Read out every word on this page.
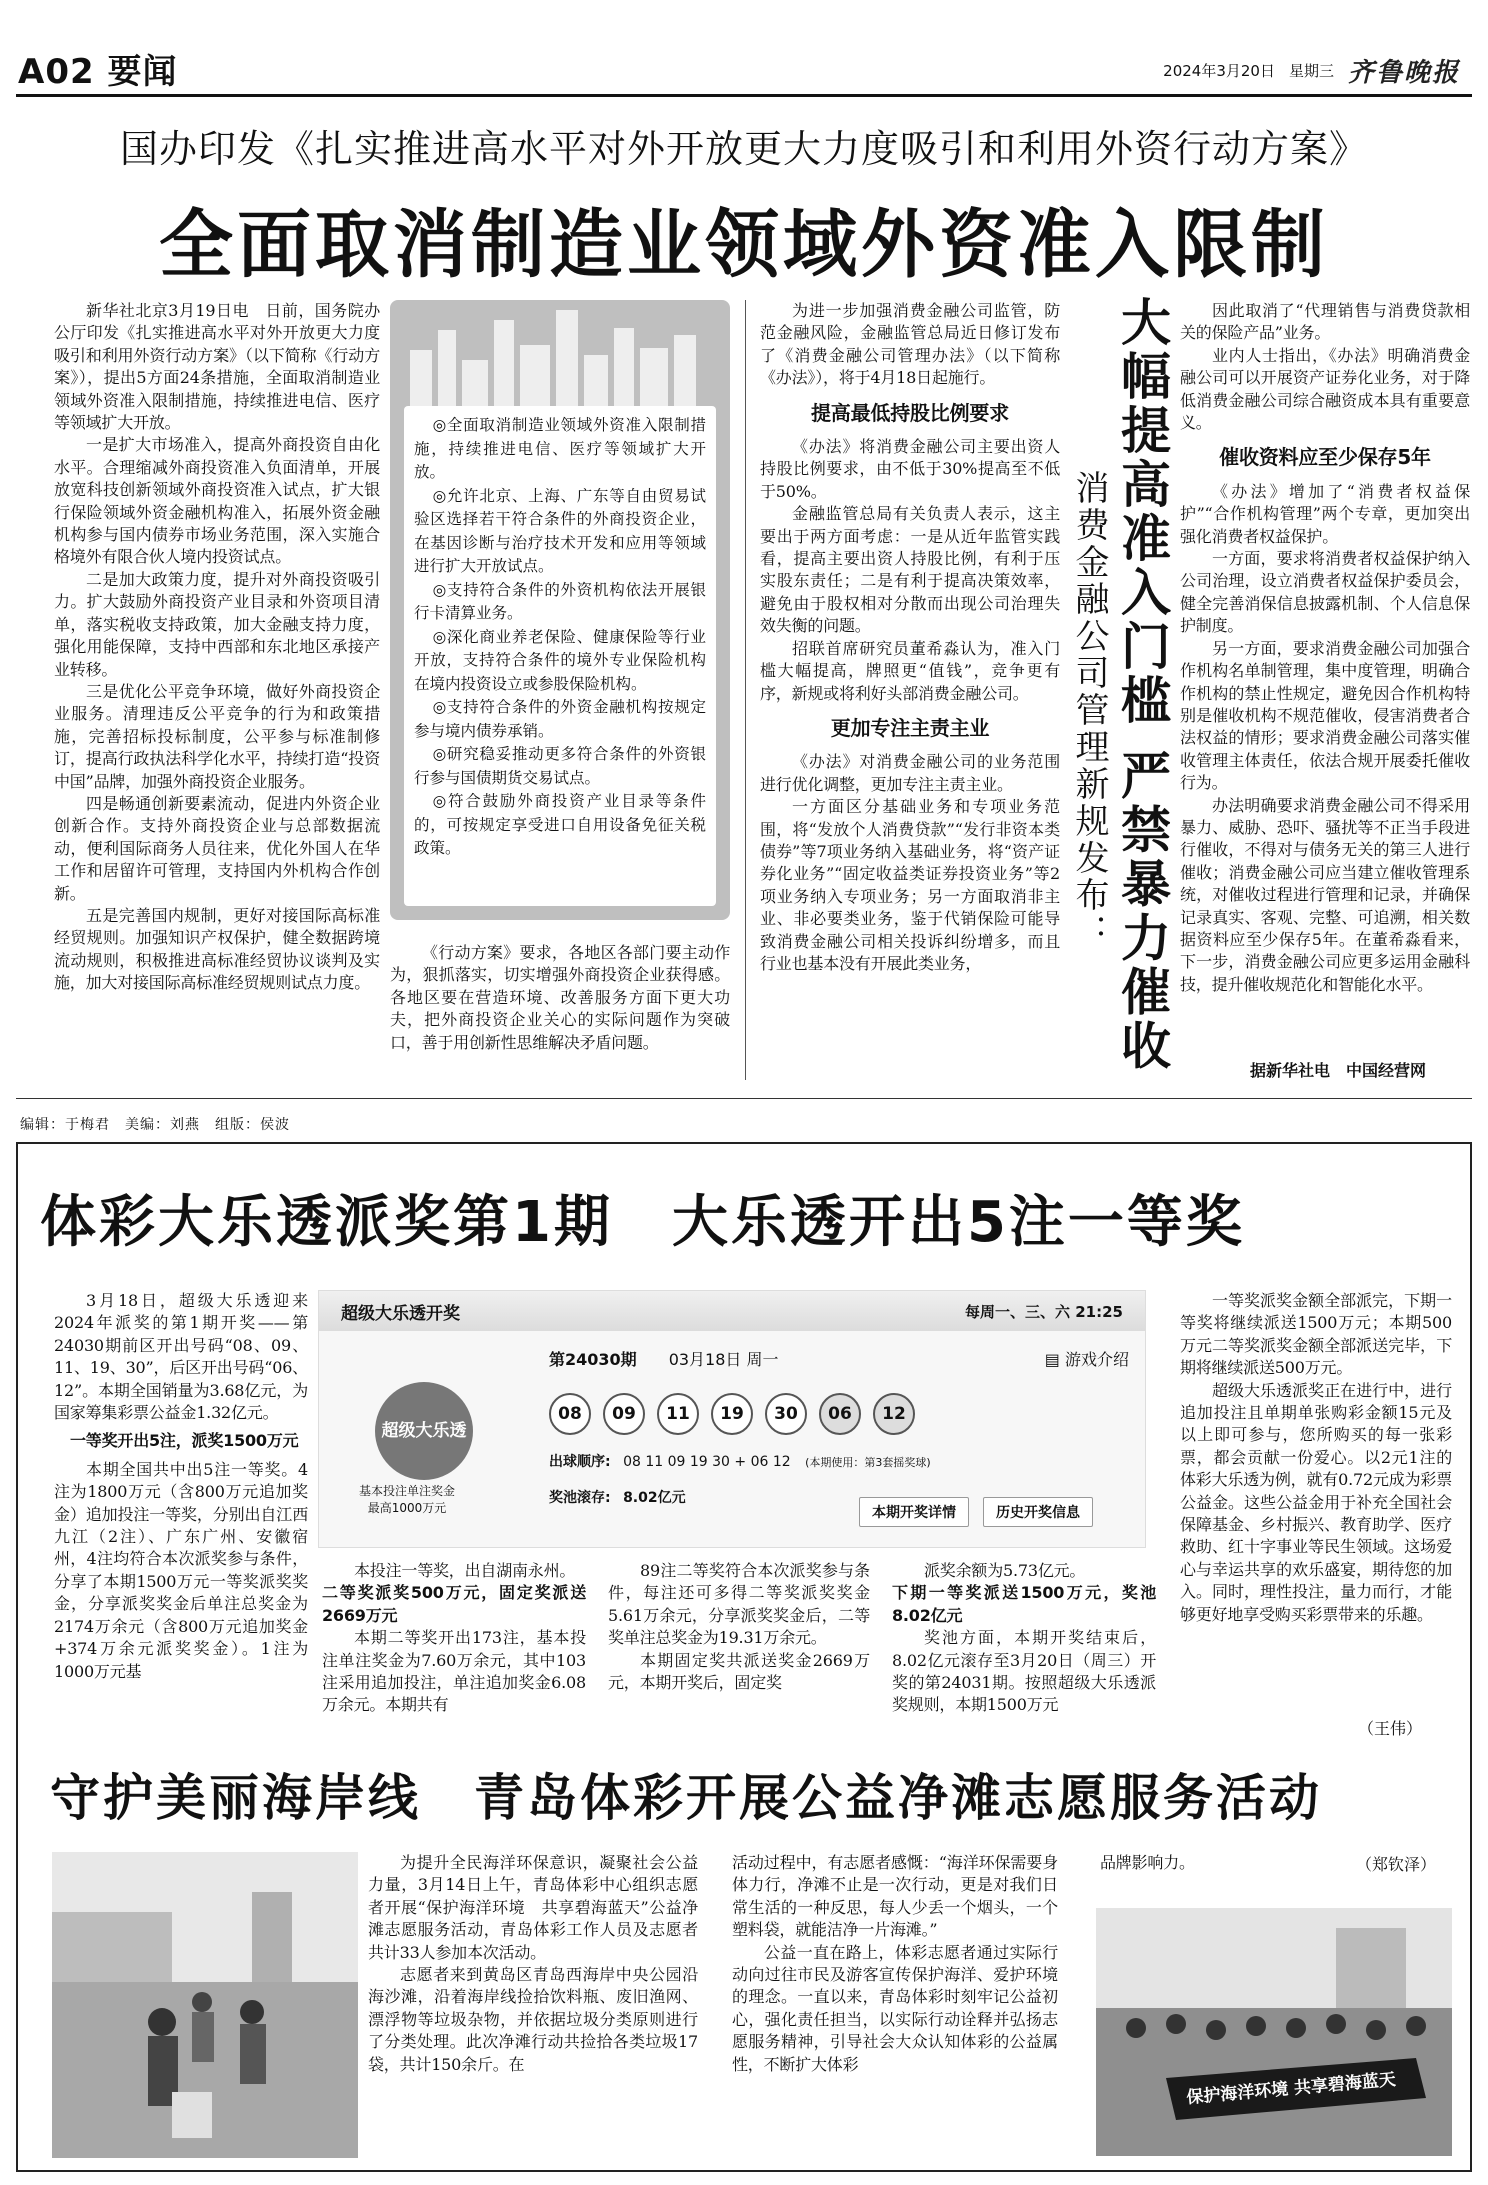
A02 要闻	2024年3月20日 星期三 齐鲁晚报
国办印发《扎实推进高水平对外开放更大力度吸引和利用外资行动方案》
全面取消制造业领域外资准入限制

新华社北京3月19日电　日前，国务院办公厅印发《扎实推进高水平对外开放更大力度吸引和利用外资行动方案》（以下简称《行动方案》），提出5方面24条措施，全面取消制造业领域外资准入限制措施，持续推进电信、医疗等领域扩大开放。

一是扩大市场准入，提高外商投资自由化水平。合理缩减外商投资准入负面清单，开展放宽科技创新领域外商投资准入试点，扩大银行保险领域外资金融机构准入，拓展外资金融机构参与国内债券市场业务范围，深入实施合格境外有限合伙人境内投资试点。

二是加大政策力度，提升对外商投资吸引力。扩大鼓励外商投资产业目录和外资项目清单，落实税收支持政策，加大金融支持力度，强化用能保障，支持中西部和东北地区承接产业转移。

三是优化公平竞争环境，做好外商投资企业服务。清理违反公平竞争的行为和政策措施，完善招标投标制度，公平参与标准制修订，提高行政执法科学化水平，持续打造“投资中国”品牌，加强外商投资企业服务。

四是畅通创新要素流动，促进内外资企业创新合作。支持外商投资企业与总部数据流动，便利国际商务人员往来，优化外国人在华工作和居留许可管理，支持国内外机构合作创新。

五是完善国内规制，更好对接国际高标准经贸规则。加强知识产权保护，健全数据跨境流动规则，积极推进高标准经贸协议谈判及实施，加大对接国际高标准经贸规则试点力度。

◎全面取消制造业领域外资准入限制措施，持续推进电信、医疗等领域扩大开放。

◎允许北京、上海、广东等自由贸易试验区选择若干符合条件的外商投资企业，在基因诊断与治疗技术开发和应用等领域进行扩大开放试点。

◎支持符合条件的外资机构依法开展银行卡清算业务。

◎深化商业养老保险、健康保险等行业开放，支持符合条件的境外专业保险机构在境内投资设立或参股保险机构。

◎支持符合条件的外资金融机构按规定参与境内债券承销。

◎研究稳妥推动更多符合条件的外资银行参与国债期货交易试点。

◎符合鼓励外商投资产业目录等条件的，可按规定享受进口自用设备免征关税政策。

《行动方案》要求，各地区各部门要主动作为，狠抓落实，切实增强外商投资企业获得感。各地区要在营造环境、改善服务方面下更大功夫，把外商投资企业关心的实际问题作为突破口，善于用创新性思维解决矛盾问题。

为进一步加强消费金融公司监管，防范金融风险，金融监管总局近日修订发布了《消费金融公司管理办法》（以下简称《办法》），将于4月18日起施行。

提高最低持股比例要求

《办法》将消费金融公司主要出资人持股比例要求，由不低于30%提高至不低于50%。

金融监管总局有关负责人表示，这主要出于两方面考虑：一是从近年监管实践看，提高主要出资人持股比例，有利于压实股东责任；二是有利于提高决策效率，避免由于股权相对分散而出现公司治理失效失衡的问题。

招联首席研究员董希淼认为，准入门槛大幅提高，牌照更“值钱”，竞争更有序，新规或将利好头部消费金融公司。

更加专注主责主业

《办法》对消费金融公司的业务范围进行优化调整，更加专注主责主业。

一方面区分基础业务和专项业务范围，将“发放个人消费贷款”“发行非资本类债券”等7项业务纳入基础业务，将“资产证券化业务”“固定收益类证券投资业务”等2项业务纳入专项业务；另一方面取消非主业、非必要类业务，鉴于代销保险可能导致消费金融公司相关投诉纠纷增多，而且行业也基本没有开展此类业务，	大幅提高准入门槛 严禁暴力催收
消费金融公司管理新规发布：

因此取消了“代理销售与消费贷款相关的保险产品”业务。

业内人士指出，《办法》明确消费金融公司可以开展资产证券化业务，对于降低消费金融公司综合融资成本具有重要意义。

催收资料应至少保存5年

《办法》增加了“消费者权益保护”“合作机构管理”两个专章，更加突出强化消费者权益保护。

一方面，要求将消费者权益保护纳入公司治理，设立消费者权益保护委员会，健全完善消保信息披露机制、个人信息保护制度。

另一方面，要求消费金融公司加强合作机构名单制管理，集中度管理，明确合作机构的禁止性规定，避免因合作机构特别是催收机构不规范催收，侵害消费者合法权益的情形；要求消费金融公司落实催收管理主体责任，依法合规开展委托催收行为。

办法明确要求消费金融公司不得采用暴力、威胁、恐吓、骚扰等不正当手段进行催收，不得对与债务无关的第三人进行催收；消费金融公司应当建立催收管理系统，对催收过程进行管理和记录，并确保记录真实、客观、完整、可追溯，相关数据资料应至少保存5年。在董希淼看来，下一步，消费金融公司应更多运用金融科技，提升催收规范化和智能化水平。

据新华社电　中国经营网
编辑：于梅君　美编：刘燕　组版：侯波
体彩大乐透派奖第1期　大乐透开出5注一等奖

3月18日，超级大乐透迎来2024年派奖的第1期开奖——第24030期前区开出号码“08、09、11、19、30”，后区开出号码“06、12”。本期全国销量为3.68亿元，为国家筹集彩票公益金1.32亿元。

一等奖开出5注，派奖1500万元

本期全国共中出5注一等奖。4注为1800万元（含800万元追加奖金）追加投注一等奖，分别出自江西九江（2注）、广东广州、安徽宿州，4注均符合本次派奖参与条件，分享了本期1500万元一等奖派奖奖金，分享派奖奖金后单注总奖金为2174万余元（含800万元追加奖金+374万余元派奖奖金）。1注为1000万元基

超级大乐透开奖	每周一、三、六 21:25
基本投注单注奖金
最高1000万元
第24030期　　 03月18日 周一	▤ 游戏介绍
08	09	11	19	30	06	12
出球顺序: 08 11 09 19 30 + 06 12 (本期使用：第3套摇奖球)
奖池滚存: 8.02亿元
本期开奖详情	历史开奖信息
超级大乐透

本投注一等奖，出自湖南永州。

二等奖派奖500万元，固定奖派送2669万元

本期二等奖开出173注，基本投注单注奖金为7.60万余元，其中103注采用追加投注，单注追加奖金6.08万余元。本期共有

89注二等奖符合本次派奖参与条件，每注还可多得二等奖派奖奖金5.61万余元，分享派奖奖金后，二等奖单注总奖金为19.31万余元。

本期固定奖共派送奖金2669万元，本期开奖后，固定奖

派奖余额为5.73亿元。

下期一等奖派送1500万元，奖池8.02亿元

奖池方面，本期开奖结束后，8.02亿元滚存至3月20日（周三）开奖的第24031期。按照超级大乐透派奖规则，本期1500万元

一等奖派奖金额全部派完，下期一等奖将继续派送1500万元；本期500万元二等奖派奖金额全部派送完毕，下期将继续派送500万元。

超级大乐透派奖正在进行中，进行追加投注且单期单张购彩金额15元及以上即可参与，您所购买的每一张彩票，都会贡献一份爱心。以2元1注的体彩大乐透为例，就有0.72元成为彩票公益金。这些公益金用于补充全国社会保障基金、乡村振兴、教育助学、医疗救助、红十字事业等民生领域。这场爱心与幸运共享的欢乐盛宴，期待您的加入。同时，理性投注，量力而行，才能够更好地享受购买彩票带来的乐趣。

（王伟）
守护美丽海岸线　青岛体彩开展公益净滩志愿服务活动

为提升全民海洋环保意识，凝聚社会公益力量，3月14日上午，青岛体彩中心组织志愿者开展“保护海洋环境　共享碧海蓝天”公益净滩志愿服务活动，青岛体彩工作人员及志愿者共计33人参加本次活动。

志愿者来到黄岛区青岛西海岸中央公园沿海沙滩，沿着海岸线捡拾饮料瓶、废旧渔网、漂浮物等垃圾杂物，并依据垃圾分类原则进行了分类处理。此次净滩行动共捡拾各类垃圾17袋，共计150余斤。在

活动过程中，有志愿者感慨：“海洋环保需要身体力行，净滩不止是一次行动，更是对我们日常生活的一种反思，每人少丢一个烟头，一个塑料袋，就能洁净一片海滩。”

公益一直在路上，体彩志愿者通过实际行动向过往市民及游客宣传保护海洋、爱护环境的理念。一直以来，青岛体彩时刻牢记公益初心，强化责任担当，以实际行动诠释并弘扬志愿服务精神，引导社会大众认知体彩的公益属性，不断扩大体彩

品牌影响力。	（郑钦泽）
保护海洋环境 共享碧海蓝天
